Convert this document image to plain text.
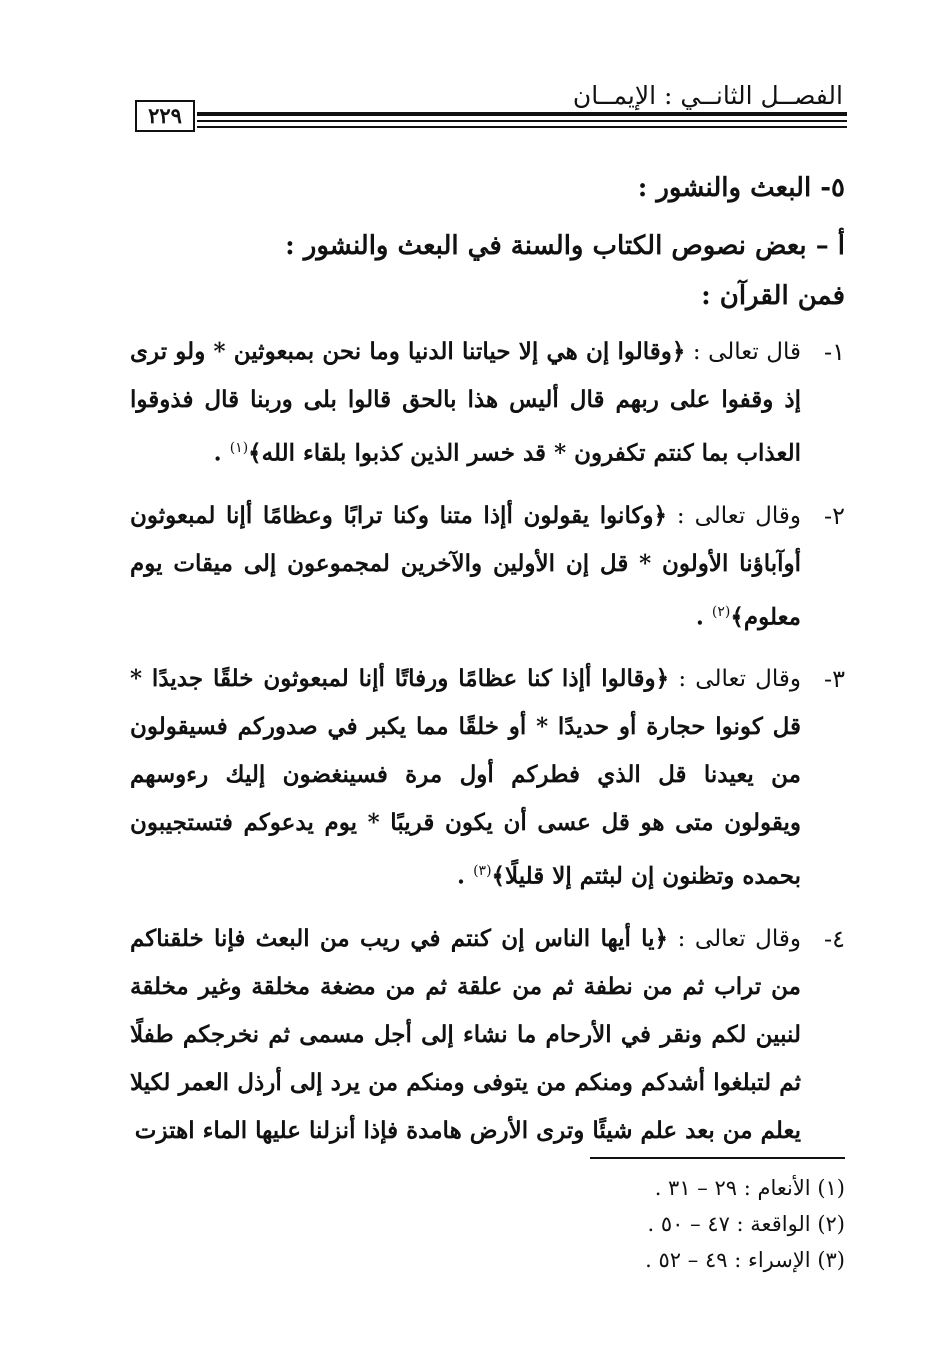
الفصــل الثانــي : الإيمــان
٢٢٩
٥- البعث والنشور :
أ – بعض نصوص الكتاب والسنة في البعث والنشور :
فمن القرآن :
١-
قال تعالى : ﴿وقالوا إن هي إلا حياتنا الدنيا وما نحن بمبعوثين * ولو ترى إذ وقفوا على ربهم قال أليس هذا بالحق قالوا بلى وربنا قال فذوقوا العذاب بما كنتم تكفرون * قد خسر الذين كذبوا بلقاء الله﴾$^{(١)}$ .
٢-
وقال تعالى : ﴿وكانوا يقولون أإذا متنا وكنا ترابًا وعظامًا أإنا لمبعوثون أوآباؤنا الأولون * قل إن الأولين والآخرين لمجموعون إلى ميقات يوم معلوم﴾$^{(٢)}$ .
٣-
وقال تعالى : ﴿وقالوا أإذا كنا عظامًا ورفاتًا أإنا لمبعوثون خلقًا جديدًا * قل كونوا حجارة أو حديدًا * أو خلقًا مما يكبر في صدوركم فسيقولون من يعيدنا قل الذي فطركم أول مرة فسينغضون إليك رءوسهم ويقولون متى هو قل عسى أن يكون قريبًا * يوم يدعوكم فتستجيبون بحمده وتظنون إن لبثتم إلا قليلًا﴾$^{(٣)}$ .
٤-
وقال تعالى : ﴿يا أيها الناس إن كنتم في ريب من البعث فإنا خلقناكم من تراب ثم من نطفة ثم من علقة ثم من مضغة مخلقة وغير مخلقة لنبين لكم ونقر في الأرحام ما نشاء إلى أجل مسمى ثم نخرجكم طفلًا ثم لتبلغوا أشدكم ومنكم من يتوفى ومنكم من يرد إلى أرذل العمر لكيلا يعلم من بعد علم شيئًا وترى الأرض هامدة فإذا أنزلنا عليها الماء اهتزت
(١) الأنعام : ٢٩ – ٣١ .
(٢) الواقعة : ٤٧ – ٥٠ .
(٣) الإسراء : ٤٩ – ٥٢ .
